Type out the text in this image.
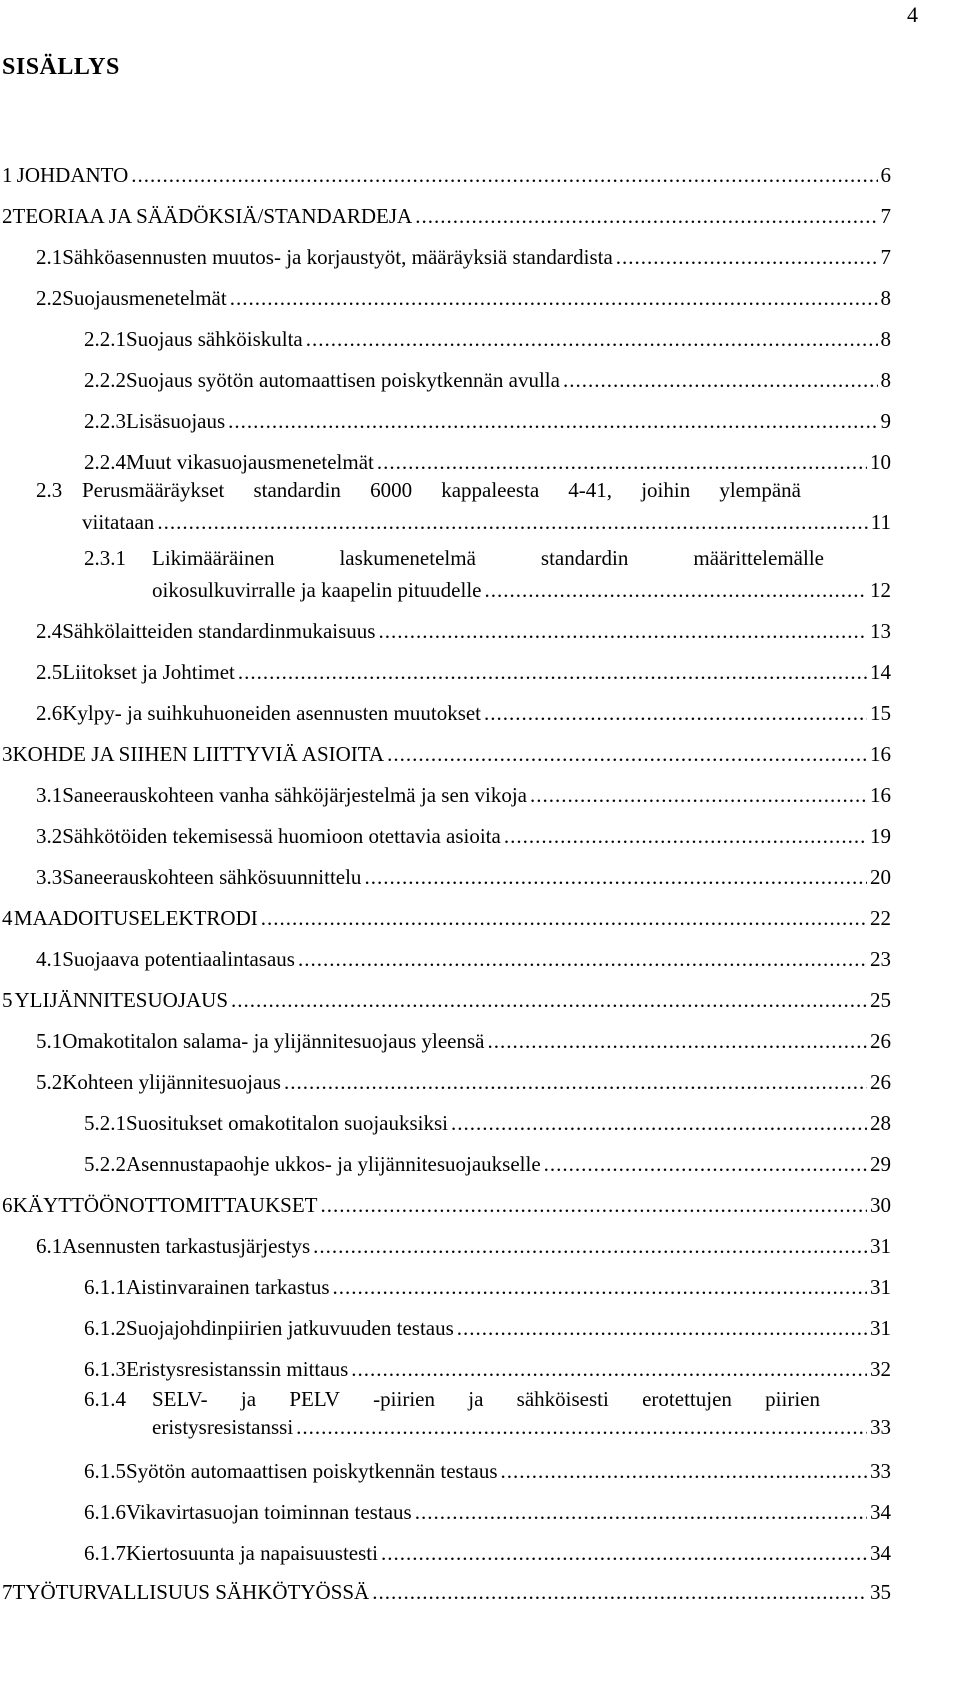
4
SISÄLLYS
1 JOHDANTO .....	6
2 TEORIAA JA SÄÄDÖKSIÄ/STANDARDEJA .....	7
2.1 Sähköasennusten muutos- ja korjaustyöt, määräyksiä standardista .....	7
2.2 Suojausmenetelmät .....	8
2.2.1 Suojaus sähköiskulta .....	8
2.2.2 Suojaus syötön automaattisen poiskytkennän avulla .....	8
2.2.3 Lisäsuojaus .....	9
2.2.4 Muut vikasuojausmenetelmät .....	10
2.3 Perusmääräykset standardin 6000 kappaleesta 4-41, joihin ylempänä
viitataan .....	11
2.3.1	Likimääräinen	laskumenetelmä	standardin	määrittelemälle
oikosulkuvirralle ja kaapelin pituudelle .....	12
2.4 Sähkölaitteiden standardinmukaisuus .....	13
2.5 Liitokset ja Johtimet .....	14
2.6 Kylpy- ja suihkuhuoneiden asennusten muutokset .....	15
3 KOHDE JA SIIHEN LIITTYVIÄ ASIOITA .....	16
3.1 Saneerauskohteen vanha sähköjärjestelmä ja sen vikoja .....	16
3.2 Sähkötöiden tekemisessä huomioon otettavia asioita .....	19
3.3 Saneerauskohteen sähkösuunnittelu .....	20
4 MAADOITUSELEKTRODI .....	22
4.1 Suojaava potentiaalintasaus .....	23
5 YLIJÄNNITESUOJAUS .....	25
5.1 Omakotitalon salama- ja ylijännitesuojaus yleensä .....	26
5.2 Kohteen ylijännitesuojaus .....	26
5.2.1 Suositukset omakotitalon suojauksiksi .....	28
5.2.2 Asennustapaohje ukkos- ja ylijännitesuojaukselle .....	29
6 KÄYTTÖÖNOTTOMITTAUKSET .....	30
6.1 Asennusten tarkastusjärjestys .....	31
6.1.1 Aistinvarainen tarkastus .....	31
6.1.2 Suojajohdinpiirien jatkuvuuden testaus .....	31
6.1.3 Eristysresistanssin mittaus .....	32
6.1.4	SELV- ja PELV -piirien ja sähköisesti erotettujen piirien
eristysresistanssi .....	33
6.1.5 Syötön automaattisen poiskytkennän testaus .....	33
6.1.6 Vikavirtasuojan toiminnan testaus .....	34
6.1.7 Kiertosuunta ja napaisuustesti .....	34
7 TYÖTURVALLISUUS SÄHKÖTYÖSSÄ .....	35
